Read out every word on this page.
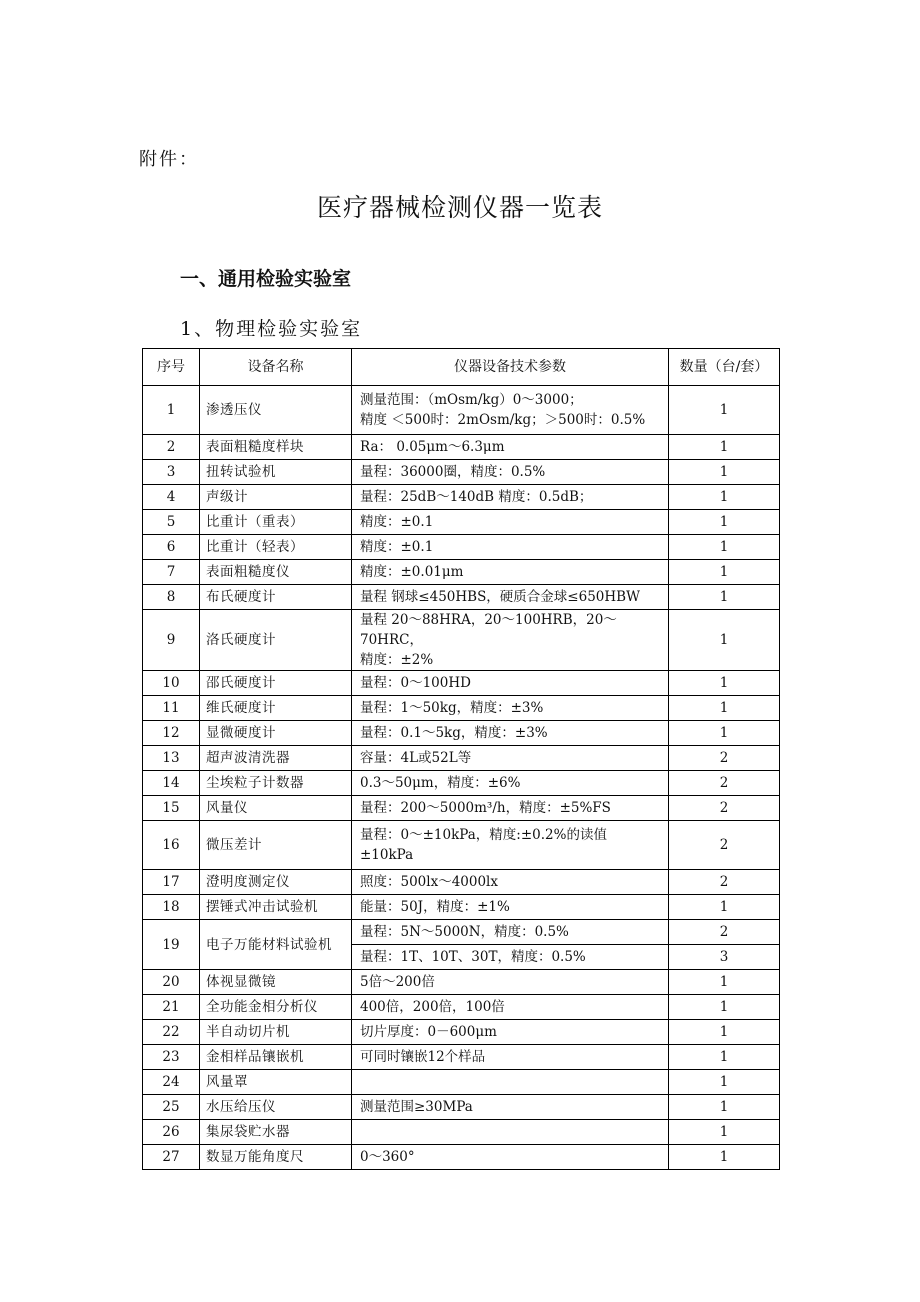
附件：
医疗器械检测仪器一览表
一、通用检验实验室
1、物理检验实验室
序号	设备名称	仪器设备技术参数	数量（台/套）
1	渗透压仪	测量范围：（mOsm/kg）0～3000；
精度 ＜500时：2mOsm/kg；＞500时：0.5%	1
2	表面粗糙度样块	Ra： 0.05μm～6.3μm	1
3	扭转试验机	量程：36000圈，精度：0.5%	1
4	声级计	量程：25dB～140dB 精度：0.5dB；	1
5	比重计（重表）	精度：±0.1	1
6	比重计（轻表）	精度：±0.1	1
7	表面粗糙度仪	精度：±0.01μm	1
8	布氏硬度计	量程 钢球≤450HBS，硬质合金球≤650HBW	1
9	洛氏硬度计	量程 20～88HRA，20～100HRB，20～70HRC，
精度：±2%	1
10	邵氏硬度计	量程：0～100HD	1
11	维氏硬度计	量程：1～50kg，精度：±3%	1
12	显微硬度计	量程：0.1～5kg，精度：±3%	1
13	超声波清洗器	容量：4L或52L等	2
14	尘埃粒子计数器	0.3～50μm，精度：±6%	2
15	风量仪	量程：200～5000m³/h，精度：±5%FS	2
16	微压差计	量程：0～±10kPa，精度:±0.2%的读值
±10kPa	2
17	澄明度测定仪	照度：500lx～4000lx	2
18	摆锤式冲击试验机	能量：50J，精度：±1%	1
19	电子万能材料试验机	量程：5N～5000N，精度：0.5%	2
		量程：1T、10T、30T，精度：0.5%	3
20	体视显微镜	5倍～200倍	1
21	全功能金相分析仪	400倍，200倍，100倍	1
22	半自动切片机	切片厚度：0－600μm	1
23	金相样品镶嵌机	可同时镶嵌12个样品	1
24	风量罩		1
25	水压给压仪	测量范围≥30MPa	1
26	集尿袋贮水器		1
27	数显万能角度尺	0～360°	1
